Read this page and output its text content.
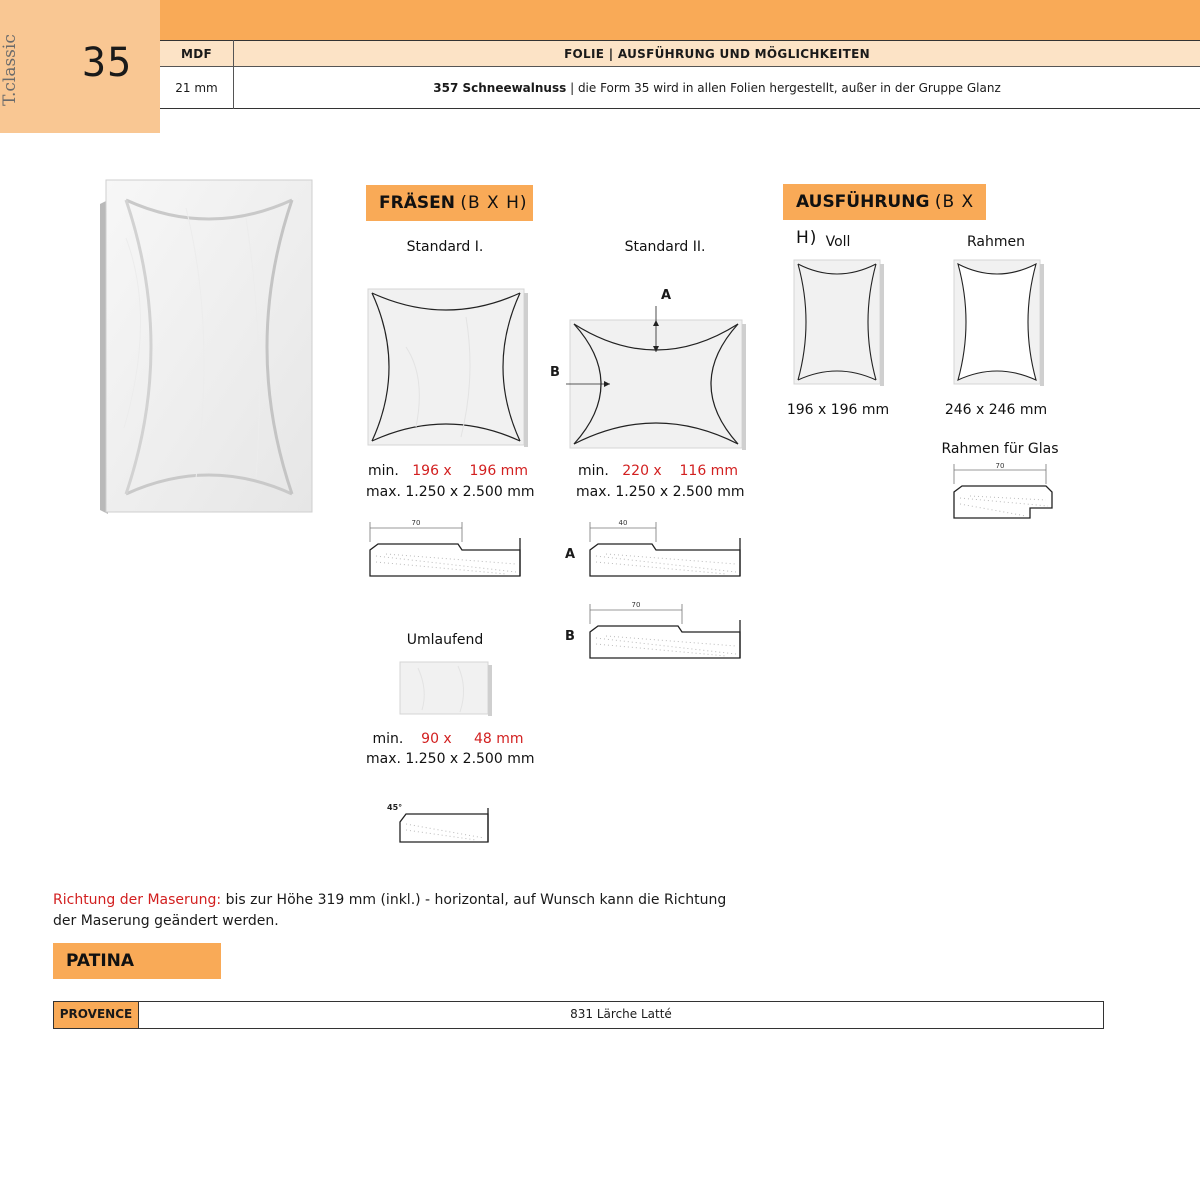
T.classic 35	MDF	FOLIE | AUSFÜHRUNG UND MÖGLICHKEITEN
21 mm	357 Schneewalnuss | die Form 35 wird in allen Folien hergestellt, außer in der Gruppe Glanz
FRÄSEN (B X H)
Standard I.
min. 196 x    196 mm
max. 1.250 x 2.500 mm
70
Standard II.
A
B
min. 220 x    116 mm
max. 1.250 x 2.500 mm
A
40
B
70
Umlaufend
min. 90 x     48 mm
max. 1.250 x 2.500 mm
45°
AUSFÜHRUNG (B X H) Voll
196 x 196 mm
Rahmen
246 x 246 mm
Rahmen für Glas
70
Richtung der Maserung: bis zur Höhe 319 mm (inkl.) - horizontal, auf Wunsch kann die Richtung
der Maserung geändert werden.
PATINA
PROVENCE	831 Lärche Latté
